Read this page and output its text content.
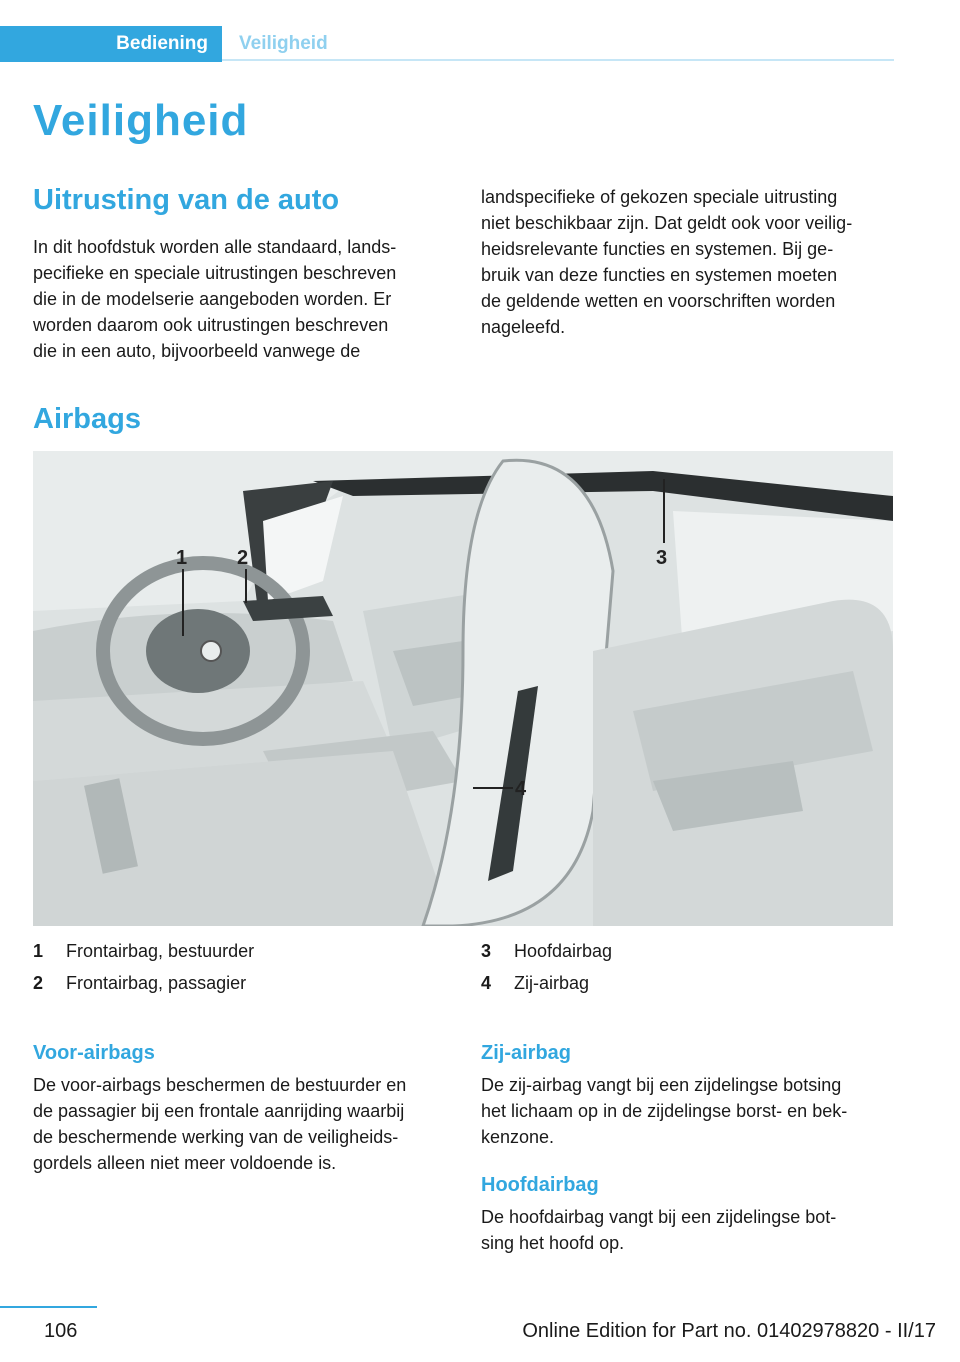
Bediening	Veiligheid
Veiligheid
Uitrusting van de auto
In dit hoofdstuk worden alle standaard, lands-
pecifieke en speciale uitrustingen beschreven
die in de modelserie aangeboden worden. Er
worden daarom ook uitrustingen beschreven
die in een auto, bijvoorbeeld vanwege de
landspecifieke of gekozen speciale uitrusting
niet beschikbaar zijn. Dat geldt ook voor veilig-
heidsrelevante functies en systemen. Bij ge-
bruik van deze functies en systemen moeten
de geldende wetten en voorschriften worden
nageleefd.
Airbags
1 2	3
4
1	Frontairbag, bestuurder
2	Frontairbag, passagier
3	Hoofdairbag
4	Zij-airbag
Voor-airbags
De voor-airbags beschermen de bestuurder en
de passagier bij een frontale aanrijding waarbij
de beschermende werking van de veiligheids-
gordels alleen niet meer voldoende is.
Zij-airbag
De zij-airbag vangt bij een zijdelingse botsing
het lichaam op in de zijdelingse borst- en bek-
kenzone.
Hoofdairbag
De hoofdairbag vangt bij een zijdelingse bot-
sing het hoofd op.
106	Online Edition for Part no. 01402978820 - II/17
